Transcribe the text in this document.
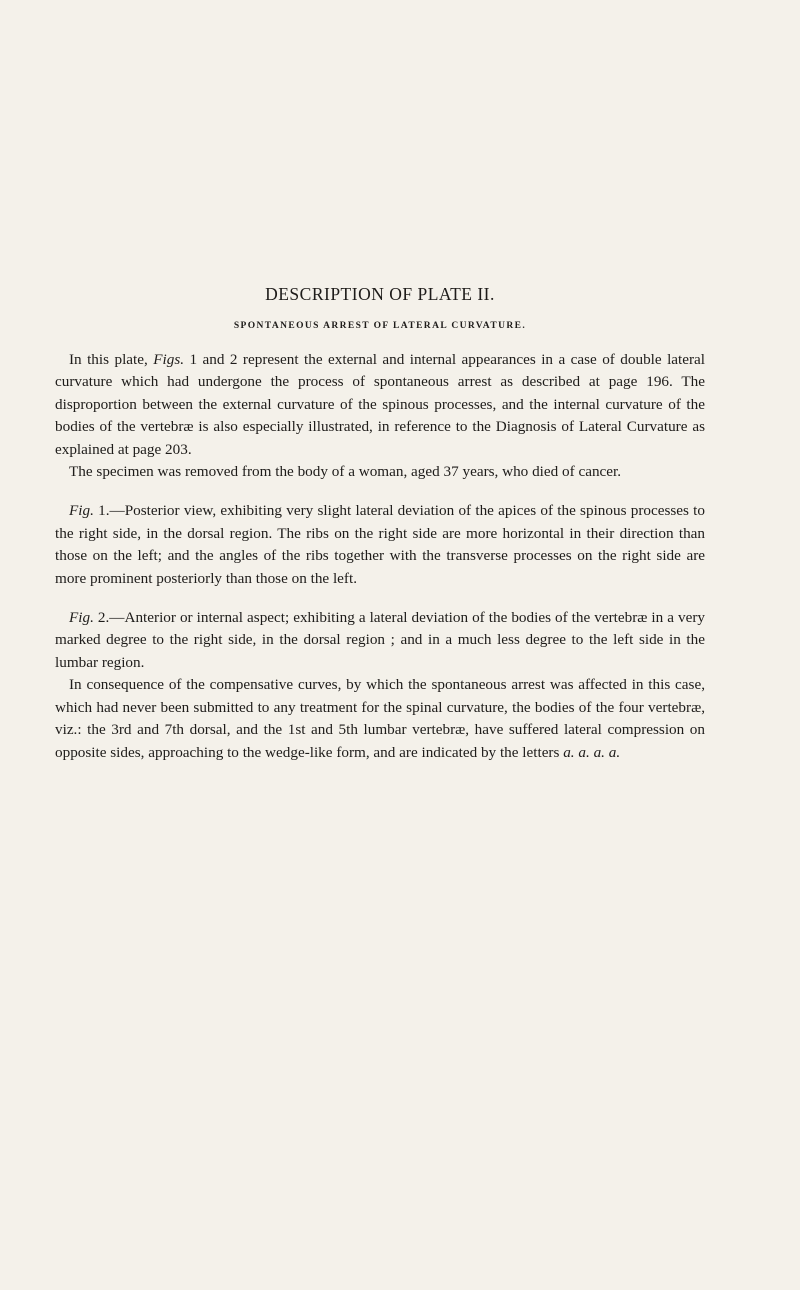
DESCRIPTION OF PLATE II.
SPONTANEOUS ARREST OF LATERAL CURVATURE.

In this plate, Figs. 1 and 2 represent the external and internal appearances in a case of double lateral curvature which had undergone the process of spontaneous arrest as described at page 196. The disproportion between the external curvature of the spinous processes, and the internal curvature of the bodies of the vertebræ is also especially illustrated, in reference to the Diagnosis of Lateral Curvature as explained at page 203.

The specimen was removed from the body of a woman, aged 37 years, who died of cancer.

Fig. 1.—Posterior view, exhibiting very slight lateral deviation of the apices of the spinous processes to the right side, in the dorsal region. The ribs on the right side are more horizontal in their direction than those on the left; and the angles of the ribs together with the transverse processes on the right side are more prominent posteriorly than those on the left.

Fig. 2.—Anterior or internal aspect; exhibiting a lateral deviation of the bodies of the vertebræ in a very marked degree to the right side, in the dorsal region ; and in a much less degree to the left side in the lumbar region.

In consequence of the compensative curves, by which the spontaneous arrest was affected in this case, which had never been submitted to any treatment for the spinal curvature, the bodies of the four vertebræ, viz.: the 3rd and 7th dorsal, and the 1st and 5th lumbar vertebræ, have suffered lateral compression on opposite sides, approaching to the wedge-like form, and are indicated by the letters a. a. a. a.
